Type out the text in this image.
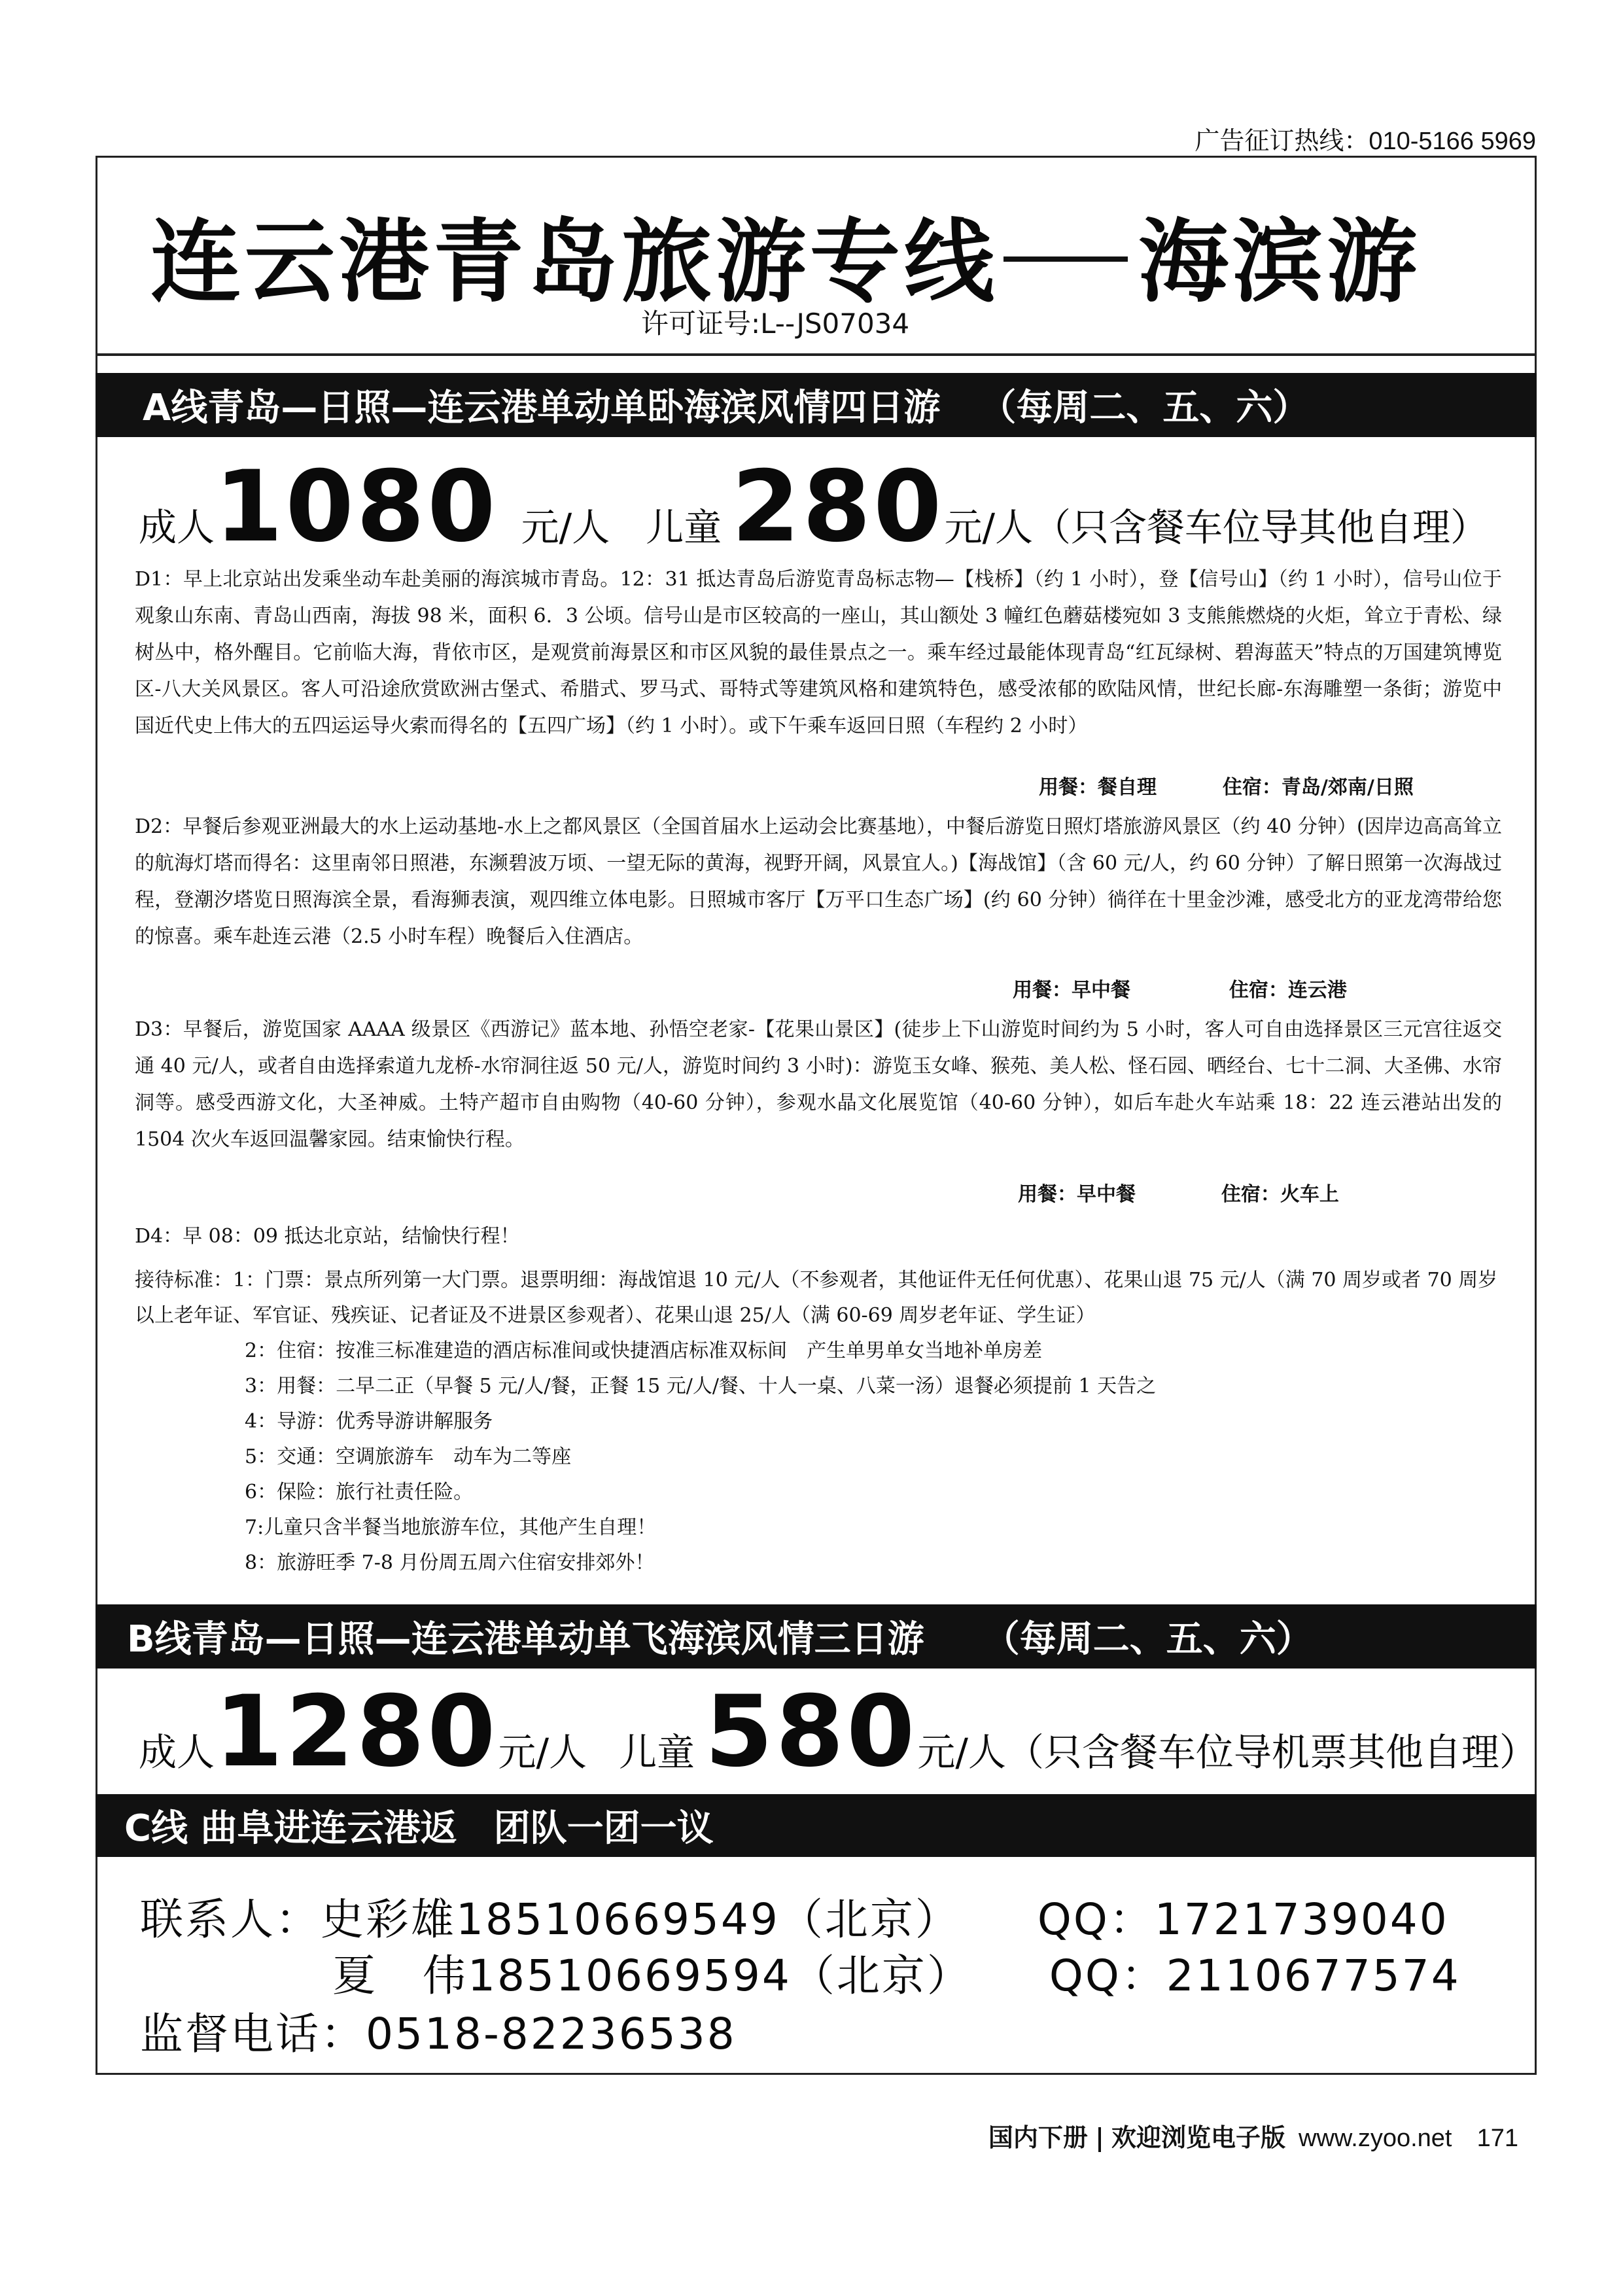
广告征订热线：010-5166 5969
连云港青岛旅游专线 海滨游
许可证号:L--JS07034
A线青岛—日照—连云港单动单卧海滨风情四日游 （每周二、五、六）
成人1080 元/人 儿童 280元/人（只含餐车位导其他自理）

D1：早上北京站出发乘坐动车赴美丽的海滨城市青岛。12：31 抵达青岛后游览青岛标志物—【栈桥】（约 1 小时），登【信号山】（约 1 小时），信号山位于观象山东南、青岛山西南，海拔 98 米，面积 6．3 公顷。信号山是市区较高的一座山，其山额处 3 幢红色蘑菇楼宛如 3 支熊熊燃烧的火炬，耸立于青松、绿树丛中，格外醒目。它前临大海，背依市区，是观赏前海景区和市区风貌的最佳景点之一。乘车经过最能体现青岛“红瓦绿树、碧海蓝天”特点的万国建筑博览区-八大关风景区。客人可沿途欣赏欧洲古堡式、希腊式、罗马式、哥特式等建筑风格和建筑特色，感受浓郁的欧陆风情，世纪长廊-东海雕塑一条街；游览中国近代史上伟大的五四运运导火索而得名的【五四广场】（约 1 小时）。或下午乘车返回日照（车程约 2 小时）

用餐：餐自理	住宿：青岛/郊南/日照

D2：早餐后参观亚洲最大的水上运动基地-水上之都风景区（全国首届水上运动会比赛基地），中餐后游览日照灯塔旅游风景区（约 40 分钟）(因岸边高高耸立的航海灯塔而得名：这里南邻日照港，东濒碧波万顷、一望无际的黄海，视野开阔，风景宜人。)【海战馆】（含 60 元/人，约 60 分钟）了解日照第一次海战过程，登潮汐塔览日照海滨全景，看海狮表演，观四维立体电影。日照城市客厅【万平口生态广场】(约 60 分钟）徜徉在十里金沙滩，感受北方的亚龙湾带给您的惊喜。乘车赴连云港（2.5 小时车程）晚餐后入住酒店。

用餐：早中餐	住宿：连云港

D3：早餐后，游览国家 AAAA 级景区《西游记》蓝本地、孙悟空老家-【花果山景区】(徒步上下山游览时间约为 5 小时，客人可自由选择景区三元宫往返交通 40 元/人，或者自由选择索道九龙桥-水帘洞往返 50 元/人，游览时间约 3 小时)：游览玉女峰、猴苑、美人松、怪石园、晒经台、七十二洞、大圣佛、水帘洞等。感受西游文化，大圣神威。土特产超市自由购物（40-60 分钟），参观水晶文化展览馆（40-60 分钟），如后车赴火车站乘 18：22 连云港站出发的 1504 次火车返回温馨家园。结束愉快行程。

用餐：早中餐	住宿：火车上

D4：早 08：09 抵达北京站，结愉快行程！

接待标准：1：门票：景点所列第一大门票。退票明细：海战馆退 10 元/人（不参观者，其他证件无任何优惠）、花果山退 75 元/人（满 70 周岁或者 70 周岁以上老年证、军官证、残疾证、记者证及不进景区参观者）、花果山退 25/人（满 60-69 周岁老年证、学生证）

2：住宿：按准三标准建造的酒店标准间或快捷酒店标准双标间　产生单男单女当地补单房差

3：用餐：二早二正（早餐 5 元/人/餐，正餐 15 元/人/餐、十人一桌、八菜一汤）退餐必须提前 1 天告之

4：导游：优秀导游讲解服务

5：交通：空调旅游车　动车为二等座

6：保险：旅行社责任险。

7:儿童只含半餐当地旅游车位，其他产生自理！

8：旅游旺季 7-8 月份周五周六住宿安排郊外！

B线青岛—日照—连云港单动单飞海滨风情三日游 （每周二、五、六）
成人1280元/人 儿童 580元/人（只含餐车位导机票其他自理）
C线 曲阜进连云港返 团队一团一议
联系人：史彩雄18510669549（北京） QQ：1721739040
夏　伟18510669594（北京） QQ：2110677574
监督电话：0518-82236538
国内下册 欢迎浏览电子版 www.zyoo.net 171
